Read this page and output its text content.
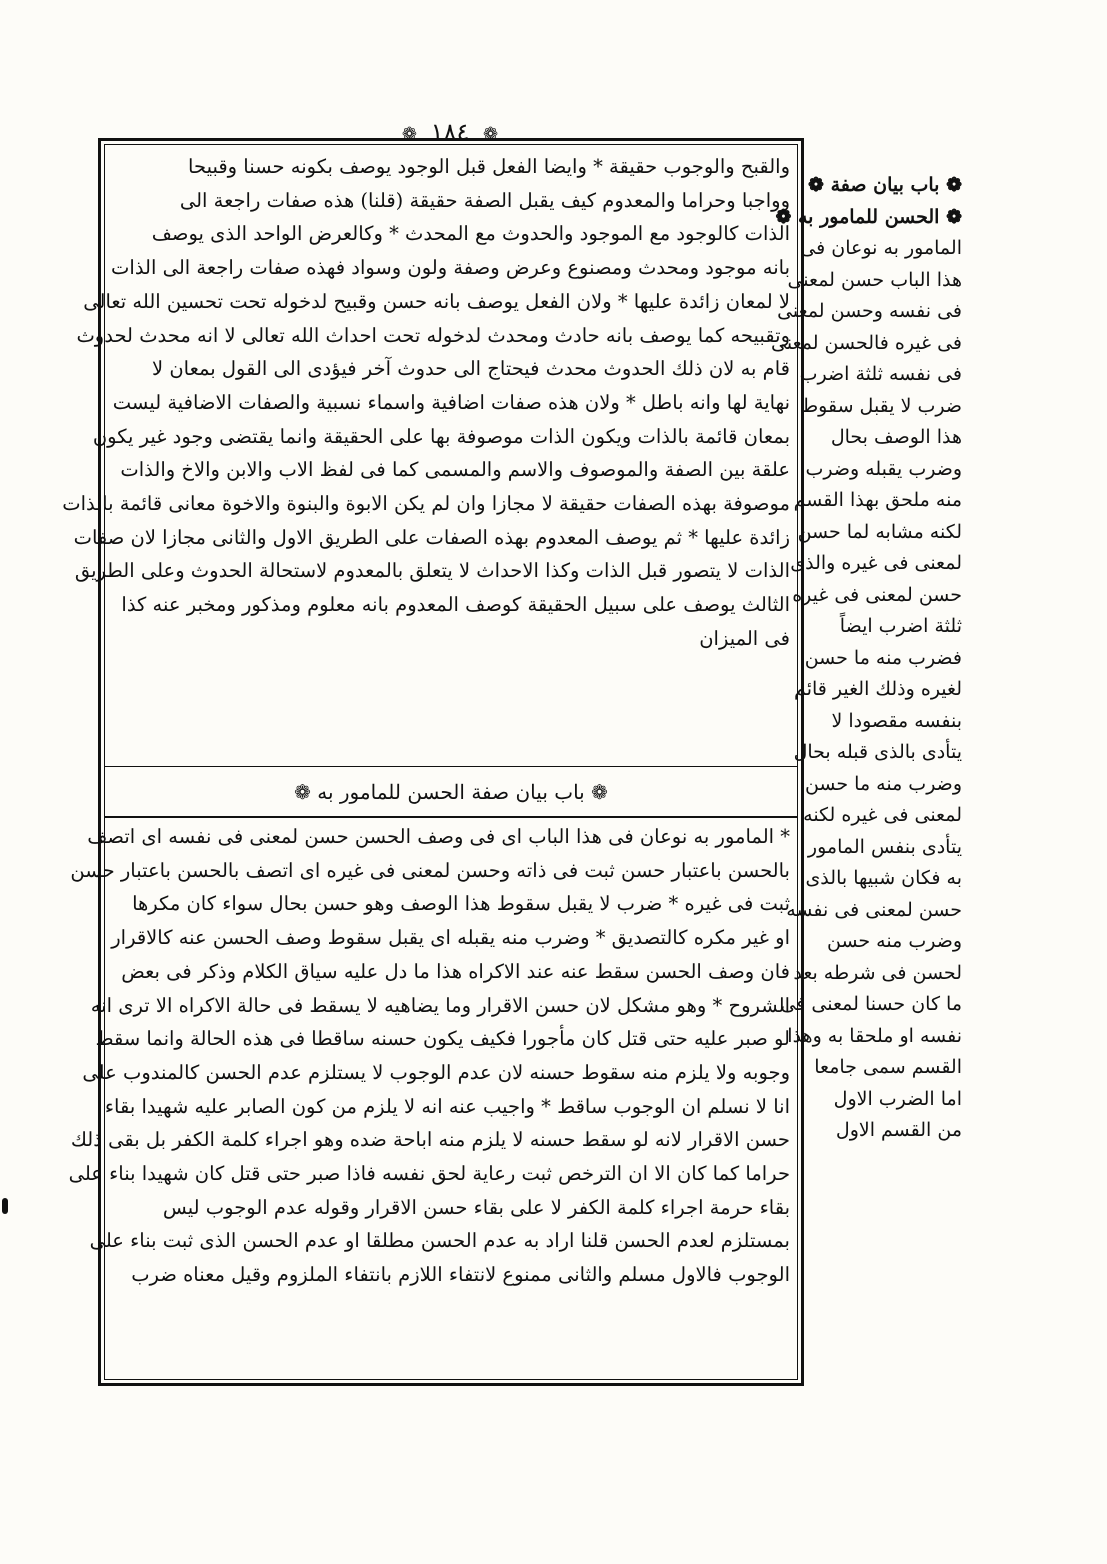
❁ ١٨٤ ❁
والقبح والوجوب حقيقة * وايضا الفعل قبل الوجود يوصف بكونه حسنا وقبيحا
وواجبا وحراما والمعدوم كيف يقبل الصفة حقيقة (قلنا) هذه صفات راجعة الى
الذات كالوجود مع الموجود والحدوث مع المحدث * وكالعرض الواحد الذى يوصف
بانه موجود ومحدث ومصنوع وعرض وصفة ولون وسواد فهذه صفات راجعة الى الذات
لا لمعان زائدة عليها * ولان الفعل يوصف بانه حسن وقبيح لدخوله تحت تحسين الله تعالى
وتقبيحه كما يوصف بانه حادث ومحدث لدخوله تحت احداث الله تعالى لا انه محدث لحدوث
قام به لان ذلك الحدوث محدث فيحتاج الى حدوث آخر فيؤدى الى القول بمعان لا
نهاية لها وانه باطل * ولان هذه صفات اضافية واسماء نسبية والصفات الاضافية ليست
بمعان قائمة بالذات ويكون الذات موصوفة بها على الحقيقة وانما يقتضى وجود غير يكون
علقة بين الصفة والموصوف والاسم والمسمى كما فى لفظ الاب والابن والاخ والذات
موصوفة بهذه الصفات حقيقة لا مجازا وان لم يكن الابوة والبنوة والاخوة معانى قائمة بالذات
زائدة عليها * ثم يوصف المعدوم بهذه الصفات على الطريق الاول والثانى مجازا لان صفات
الذات لا يتصور قبل الذات وكذا الاحداث لا يتعلق بالمعدوم لاستحالة الحدوث وعلى الطريق
الثالث يوصف على سبيل الحقيقة كوصف المعدوم بانه معلوم ومذكور ومخبر عنه كذا
فى الميزان
❁ باب بيان صفة الحسن للمامور به ❁
* المامور به نوعان فى هذا الباب اى فى وصف الحسن حسن لمعنى فى نفسه اى اتصف
بالحسن باعتبار حسن ثبت فى ذاته وحسن لمعنى فى غيره اى اتصف بالحسن باعتبار حسن
ثبت فى غيره * ضرب لا يقبل سقوط هذا الوصف وهو حسن بحال سواء كان مكرها
او غير مكره كالتصديق * وضرب منه يقبله اى يقبل سقوط وصف الحسن عنه كالاقرار
فان وصف الحسن سقط عنه عند الاكراه هذا ما دل عليه سياق الكلام وذكر فى بعض
الشروح * وهو مشكل لان حسن الاقرار وما يضاهيه لا يسقط فى حالة الاكراه الا ترى انه
لو صبر عليه حتى قتل كان مأجورا فكيف يكون حسنه ساقطا فى هذه الحالة وانما سقط
وجوبه ولا يلزم منه سقوط حسنه لان عدم الوجوب لا يستلزم عدم الحسن كالمندوب على
انا لا نسلم ان الوجوب ساقط * واجيب عنه انه لا يلزم من كون الصابر عليه شهيدا بقاء
حسن الاقرار لانه لو سقط حسنه لا يلزم منه اباحة ضده وهو اجراء كلمة الكفر بل بقى ذلك
حراما كما كان الا ان الترخص ثبت رعاية لحق نفسه فاذا صبر حتى قتل كان شهيدا بناء على
بقاء حرمة اجراء كلمة الكفر لا على بقاء حسن الاقرار وقوله عدم الوجوب ليس
بمستلزم لعدم الحسن قلنا اراد به عدم الحسن مطلقا او عدم الحسن الذى ثبت بناء على
الوجوب فالاول مسلم والثانى ممنوع لانتفاء اللازم بانتفاء الملزوم وقيل معناه ضرب
❁ باب بيان صفة ❁
❁ الحسن للمامور به ❁
المامور به نوعان فى
هذا الباب حسن لمعنى
فى نفسه وحسن لمعنى
فى غيره فالحسن لمعنى
فى نفسه ثلثة اضرب
ضرب لا يقبل سقوط
هذا الوصف بحال
وضرب يقبله وضرب
منه ملحق بهذا القسم
لكنه مشابه لما حسن
لمعنى فى غيره والذى
حسن لمعنى فى غيره
ثلثة اضرب ايضاً
فضرب منه ما حسن
لغيره وذلك الغير قائم
بنفسه مقصودا لا
يتأدى بالذى قبله بحال
وضرب منه ما حسن
لمعنى فى غيره لكنه
يتأدى بنفس المامور
به فكان شبيها بالذى
حسن لمعنى فى نفسه
وضرب منه حسن
لحسن فى شرطه بعد
ما كان حسنا لمعنى فى
نفسه او ملحقا به وهذا
القسم سمى جامعا
اما الضرب الاول
من القسم الاول
